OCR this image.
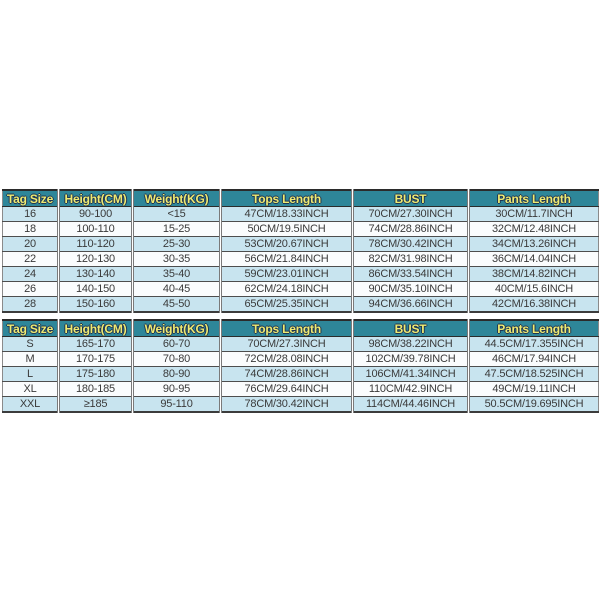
Tag Size	Height(CM)	Weight(KG)	Tops Length	BUST	Pants Length
16	90-100	<15	47CM/18.33INCH	70CM/27.30INCH	30CM/11.7INCH
18	100-110	15-25	50CM/19.5INCH	74CM/28.86INCH	32CM/12.48INCH
20	110-120	25-30	53CM/20.67INCH	78CM/30.42INCH	34CM/13.26INCH
22	120-130	30-35	56CM/21.84INCH	82CM/31.98INCH	36CM/14.04INCH
24	130-140	35-40	59CM/23.01INCH	86CM/33.54INCH	38CM/14.82INCH
26	140-150	40-45	62CM/24.18INCH	90CM/35.10INCH	40CM/15.6INCH
28	150-160	45-50	65CM/25.35INCH	94CM/36.66INCH	42CM/16.38INCH
Tag Size	Height(CM)	Weight(KG)	Tops Length	BUST	Pants Length
S	165-170	60-70	70CM/27.3INCH	98CM/38.22INCH	44.5CM/17.355INCH
M	170-175	70-80	72CM/28.08INCH	102CM/39.78INCH	46CM/17.94INCH
L	175-180	80-90	74CM/28.86INCH	106CM/41.34INCH	47.5CM/18.525INCH
XL	180-185	90-95	76CM/29.64INCH	110CM/42.9INCH	49CM/19.11INCH
XXL	≥185	95-110	78CM/30.42INCH	114CM/44.46INCH	50.5CM/19.695INCH
